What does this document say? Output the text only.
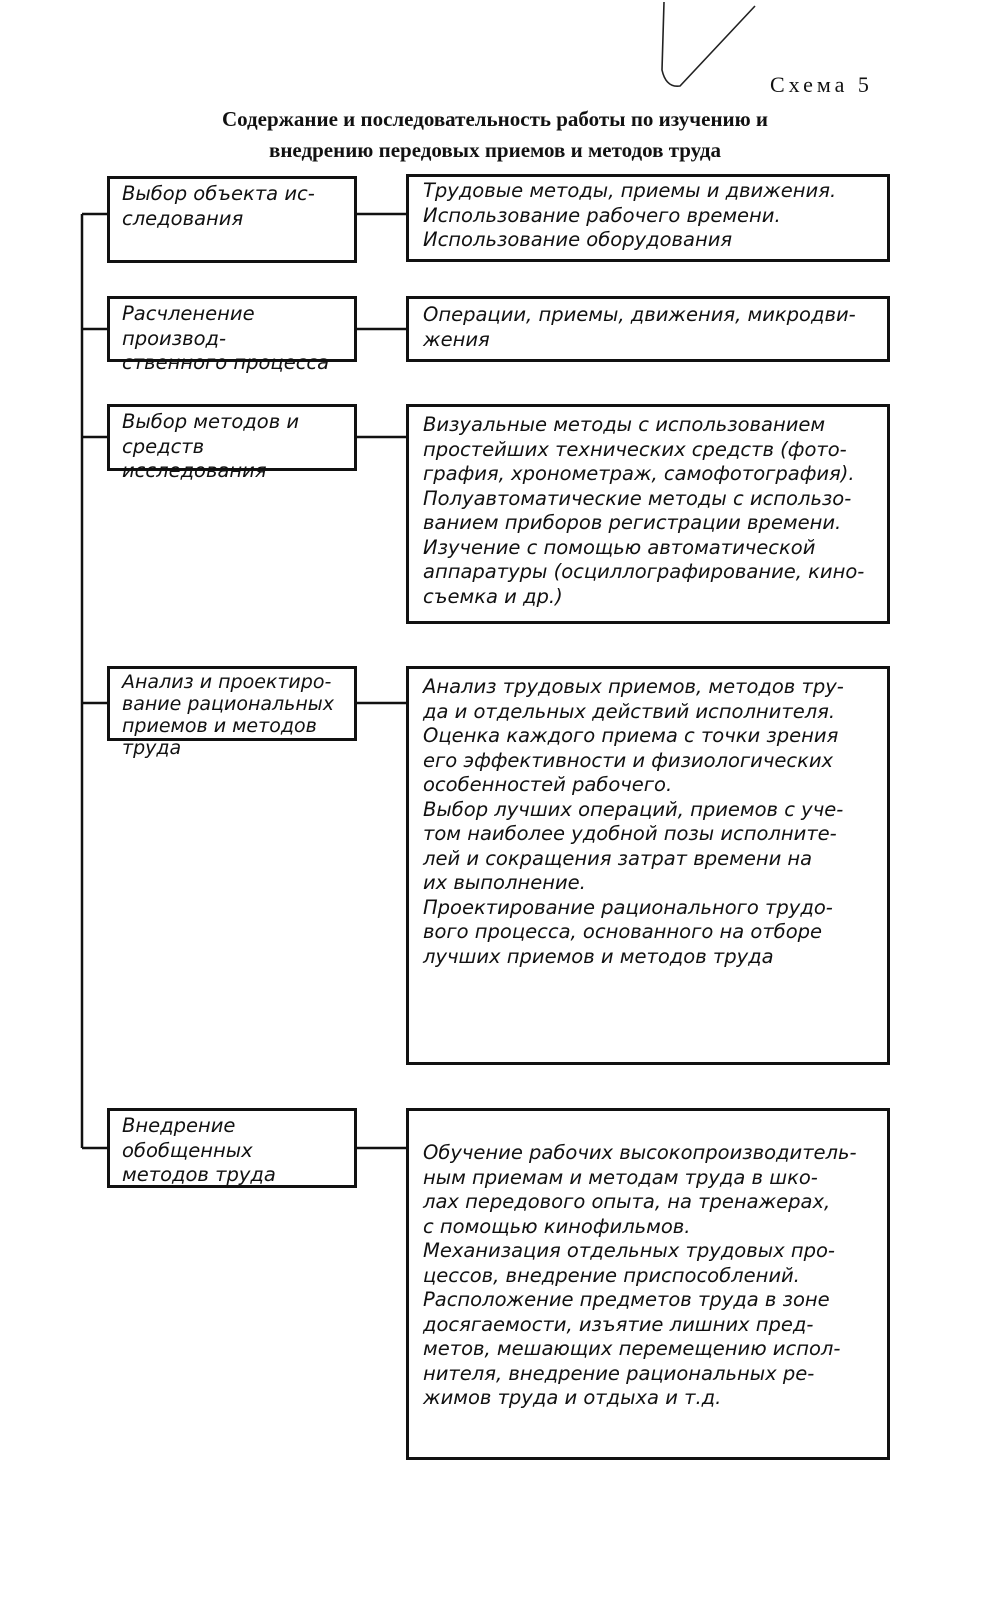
Схема 5
Содержание и последовательность работы по изучению и
внедрению передовых приемов и методов труда
Выбор объекта ис-
следования
Расчленение производ-
ственного процесса
Выбор методов и
средств исследования
Анализ и проектиро-
вание рациональных
приемов и методов труда
Внедрение обобщенных
методов труда
Трудовые методы, приемы и движения.
Использование рабочего времени.
Использование оборудования
Операции, приемы, движения, микродви-
жения
Визуальные методы с использованием
простейших технических средств (фото-
графия, хронометраж, самофотография).
Полуавтоматические методы с использо-
ванием приборов регистрации времени.
Изучение с помощью автоматической
аппаратуры (осциллографирование, кино-
съемка и др.)
Анализ трудовых приемов, методов тру-
да и отдельных действий исполнителя.
Оценка каждого приема с точки зрения
его эффективности и физиологических
особенностей рабочего.
Выбор лучших операций, приемов с уче-
том наиболее удобной позы исполните-
лей и сокращения затрат времени на
их выполнение.
Проектирование рационального трудо-
вого процесса, основанного на отборе
лучших приемов и методов труда
Обучение рабочих высокопроизводитель-
ным приемам и методам труда в шко-
лах передового опыта, на тренажерах,
с помощью кинофильмов.
Механизация отдельных трудовых про-
цессов, внедрение приспособлений.
Расположение предметов труда в зоне
досягаемости, изъятие лишних пред-
метов, мешающих перемещению испол-
нителя, внедрение рациональных ре-
жимов труда и отдыха и т.д.
